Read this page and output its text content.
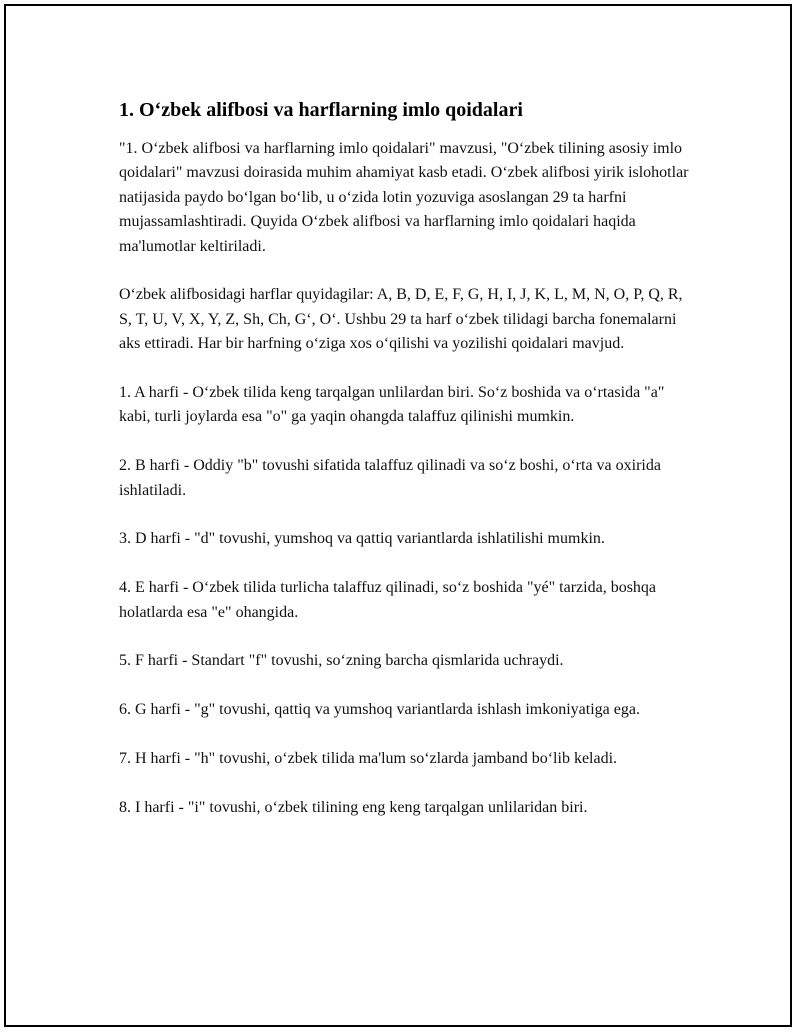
1. O‘zbek alifbosi va harflarning imlo qoidalari

"1. O‘zbek alifbosi va harflarning imlo qoidalari" mavzusi, "O‘zbek tilining asosiy imlo qoidalari" mavzusi doirasida muhim ahamiyat kasb etadi. O‘zbek alifbosi yirik islohotlar natijasida paydo bo‘lgan bo‘lib, u o‘zida lotin yozuviga asoslangan 29 ta harfni mujassamlashtiradi. Quyida O‘zbek alifbosi va harflarning imlo qoidalari haqida ma'lumotlar keltiriladi.

O‘zbek alifbosidagi harflar quyidagilar: A, B, D, E, F, G, H, I, J, K, L, M, N, O, P, Q, R, S, T, U, V, X, Y, Z, Sh, Ch, G‘, O‘. Ushbu 29 ta harf o‘zbek tilidagi barcha fonemalarni aks ettiradi. Har bir harfning o‘ziga xos o‘qilishi va yozilishi qoidalari mavjud.

1. A harfi - O‘zbek tilida keng tarqalgan unlilardan biri. So‘z boshida va o‘rtasida "a" kabi, turli joylarda esa "o" ga yaqin ohangda talaffuz qilinishi mumkin.

2. B harfi - Oddiy "b" tovushi sifatida talaffuz qilinadi va so‘z boshi, o‘rta va oxirida ishlatiladi.

3. D harfi - "d" tovushi, yumshoq va qattiq variantlarda ishlatilishi mumkin.

4. E harfi - O‘zbek tilida turlicha talaffuz qilinadi, so‘z boshida "yé" tarzida, boshqa holatlarda esa "e" ohangida.

5. F harfi - Standart "f" tovushi, so‘zning barcha qismlarida uchraydi.

6. G harfi - "g" tovushi, qattiq va yumshoq variantlarda ishlash imkoniyatiga ega.

7. H harfi - "h" tovushi, o‘zbek tilida ma'lum so‘zlarda jamband bo‘lib keladi.

8. I harfi - "i" tovushi, o‘zbek tilining eng keng tarqalgan unlilaridan biri.
